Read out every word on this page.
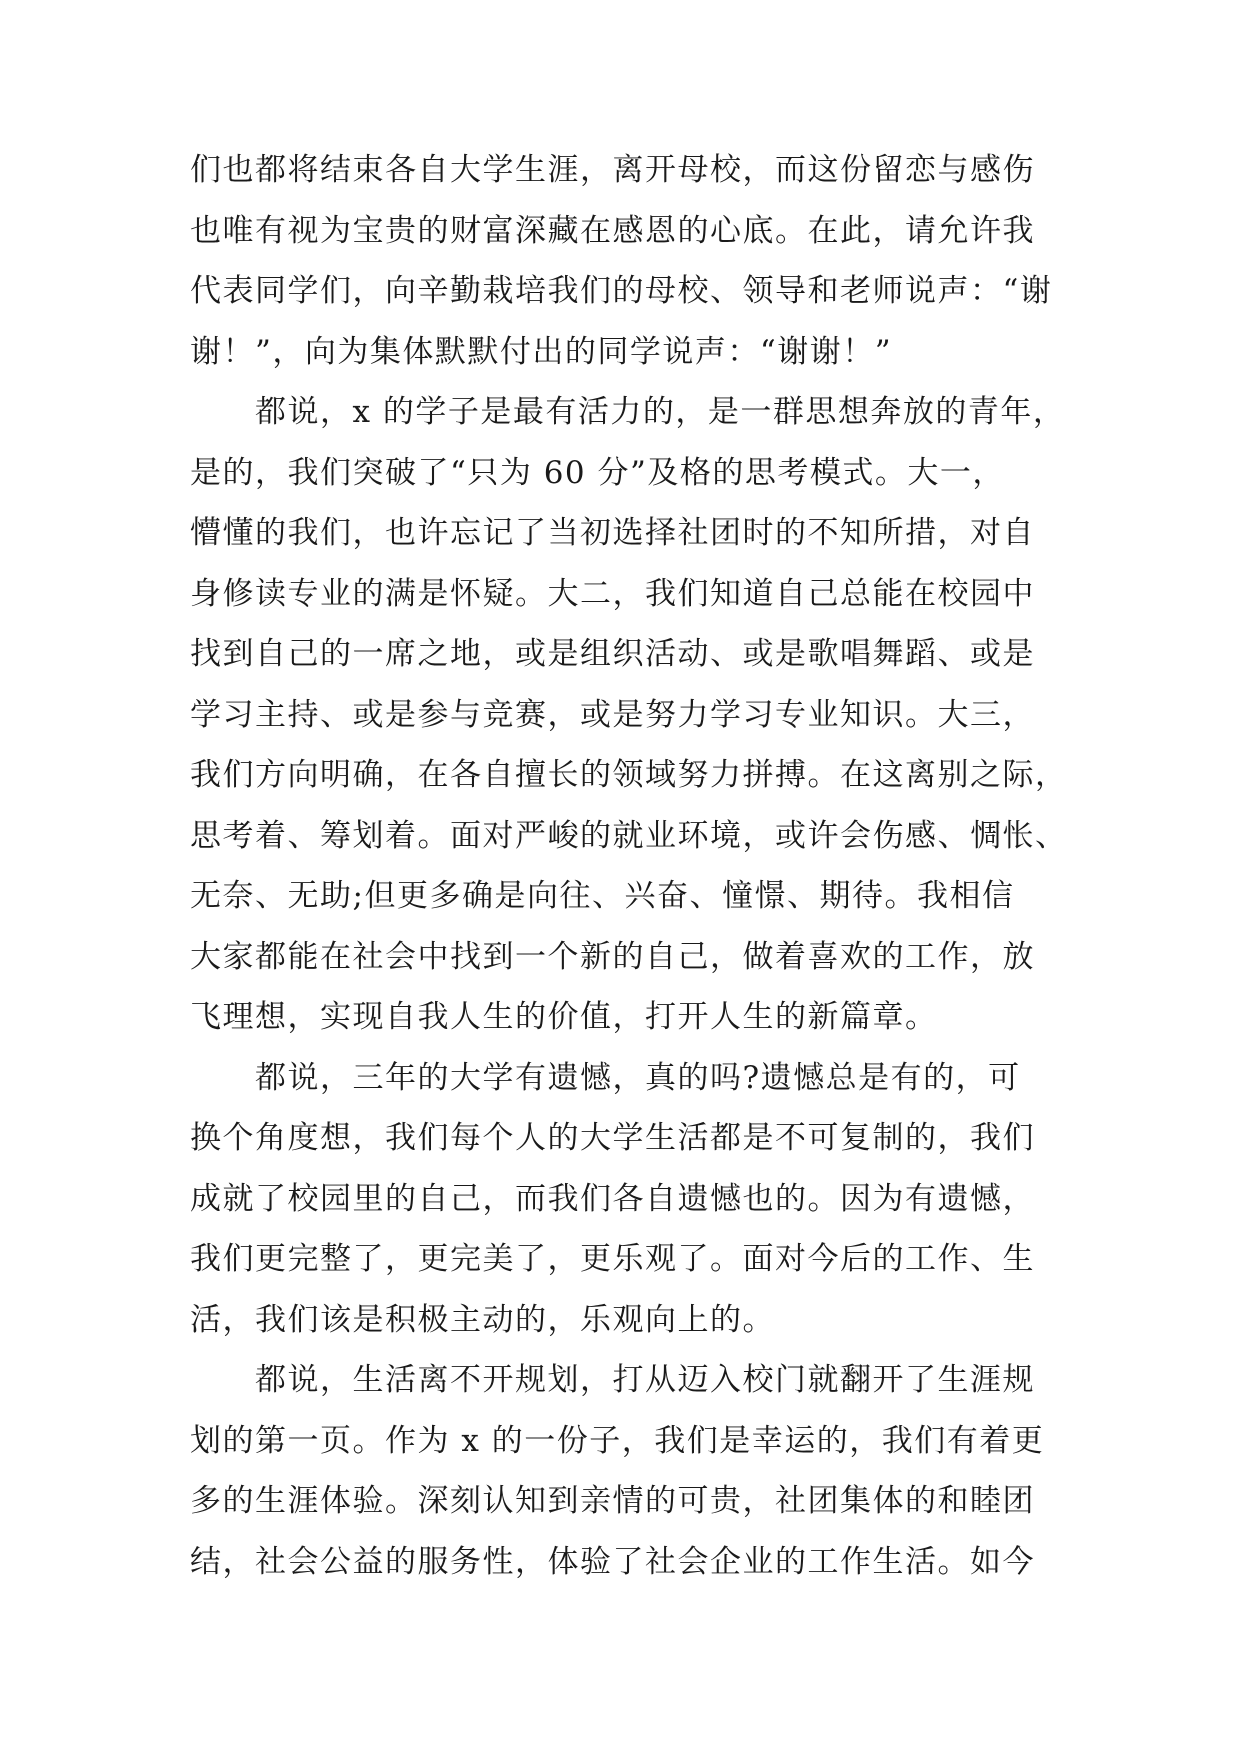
们也都将结束各自大学生涯，离开母校，而这份留恋与感伤
也唯有视为宝贵的财富深藏在感恩的心底。在此，请允许我
代表同学们，向辛勤栽培我们的母校、领导和老师说声：“谢
谢！”，向为集体默默付出的同学说声：“谢谢！”
都说，x 的学子是最有活力的，是一群思想奔放的青年，
是的，我们突破了“只为 60 分”及格的思考模式。大一，
懵懂的我们，也许忘记了当初选择社团时的不知所措，对自
身修读专业的满是怀疑。大二，我们知道自己总能在校园中
找到自己的一席之地，或是组织活动、或是歌唱舞蹈、或是
学习主持、或是参与竞赛，或是努力学习专业知识。大三，
我们方向明确，在各自擅长的领域努力拼搏。在这离别之际，
思考着、筹划着。面对严峻的就业环境，或许会伤感、惆怅、
无奈、无助;但更多确是向往、兴奋、憧憬、期待。我相信
大家都能在社会中找到一个新的自己，做着喜欢的工作，放
飞理想，实现自我人生的价值，打开人生的新篇章。
都说，三年的大学有遗憾，真的吗?遗憾总是有的，可
换个角度想，我们每个人的大学生活都是不可复制的，我们
成就了校园里的自己，而我们各自遗憾也的。因为有遗憾，
我们更完整了，更完美了，更乐观了。面对今后的工作、生
活，我们该是积极主动的，乐观向上的。
都说，生活离不开规划，打从迈入校门就翻开了生涯规
划的第一页。作为 x 的一份子，我们是幸运的，我们有着更
多的生涯体验。深刻认知到亲情的可贵，社团集体的和睦团
结，社会公益的服务性，体验了社会企业的工作生活。如今
